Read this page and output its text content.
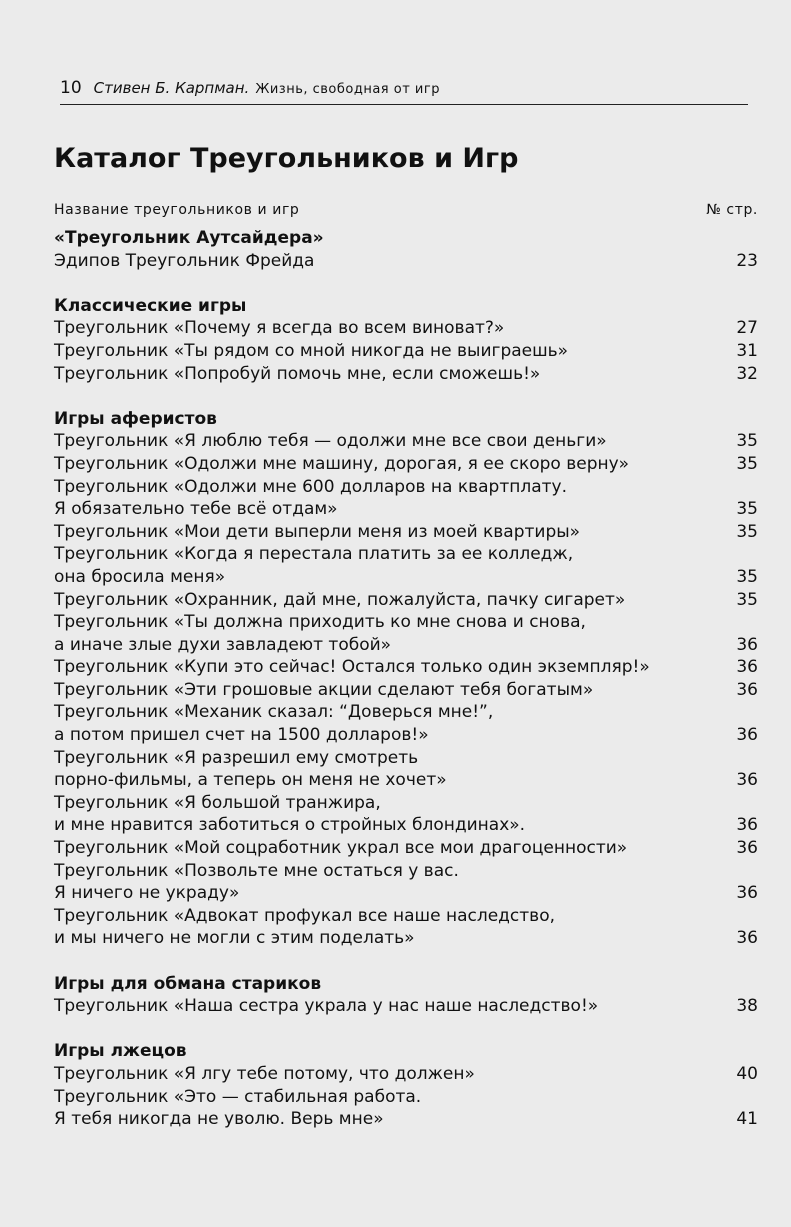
10 Стивен Б. Карпман. Жизнь, свободная от игр
Каталог Треугольников и Игр
Название треугольников и игр	№ стр.
«Треугольник Аутсайдера»
Эдипов Треугольник Фрейда	23
Классические игры
Треугольник «Почему я всегда во всем виноват?»	27
Треугольник «Ты рядом со мной никогда не выиграешь»	31
Треугольник «Попробуй помочь мне, если сможешь!»	32
Игры аферистов
Треугольник «Я люблю тебя — одолжи мне все свои деньги»	35
Треугольник «Одолжи мне машину, дорогая, я ее скоро верну»	35
Треугольник «Одолжи мне 600 долларов на квартплату.
Я обязательно тебе всё отдам»	35
Треугольник «Мои дети выперли меня из моей квартиры»	35
Треугольник «Когда я перестала платить за ее колледж,
она бросила меня»	35
Треугольник «Охранник, дай мне, пожалуйста, пачку сигарет»	35
Треугольник «Ты должна приходить ко мне снова и снова,
а иначе злые духи завладеют тобой»	36
Треугольник «Купи это сейчас! Остался только один экземпляр!»	36
Треугольник «Эти грошовые акции сделают тебя богатым»	36
Треугольник «Механик сказал: “Доверься мне!”,
а потом пришел счет на 1500 долларов!»	36
Треугольник «Я разрешил ему смотреть
порно-фильмы, а теперь он меня не хочет»	36
Треугольник «Я большой транжира,
и мне нравится заботиться о стройных блондинах».	36
Треугольник «Мой соцработник украл все мои драгоценности»	36
Треугольник «Позвольте мне остаться у вас.
Я ничего не украду»	36
Треугольник «Адвокат профукал все наше наследство,
и мы ничего не могли с этим поделать»	36
Игры для обмана стариков
Треугольник «Наша сестра украла у нас наше наследство!»	38
Игры лжецов
Треугольник «Я лгу тебе потому, что должен»	40
Треугольник «Это — стабильная работа.
Я тебя никогда не уволю. Верь мне»	41
